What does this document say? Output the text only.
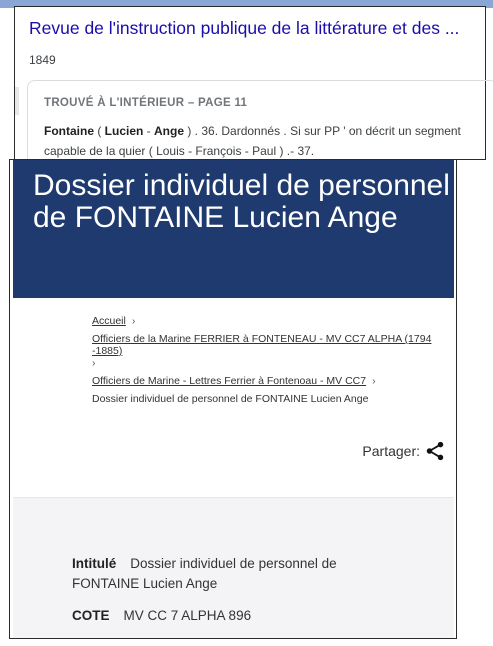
Revue de l'instruction publique de la littérature et des ...
1849
TROUVÉ À L'INTÉRIEUR – PAGE 11
Fontaine ( Lucien - Ange ) . 36. Dardonnés . Si sur PP ' on décrit un segment capable de la quier ( Louis - François - Paul ) .- 37.
Dossier individuel de personnel de FONTAINE Lucien Ange
Accueil ›
Officiers de la Marine FERRIER à FONTENEAU - MV CC7 ALPHA (1794 -1885)
›
Officiers de Marine - Lettres Ferrier à Fontenoau - MV CC7 ›
Dossier individuel de personnel de FONTAINE Lucien Ange
Partager:
Intitulé Dossier individuel de personnel de FONTAINE Lucien Ange
COTE MV CC 7 ALPHA 896
